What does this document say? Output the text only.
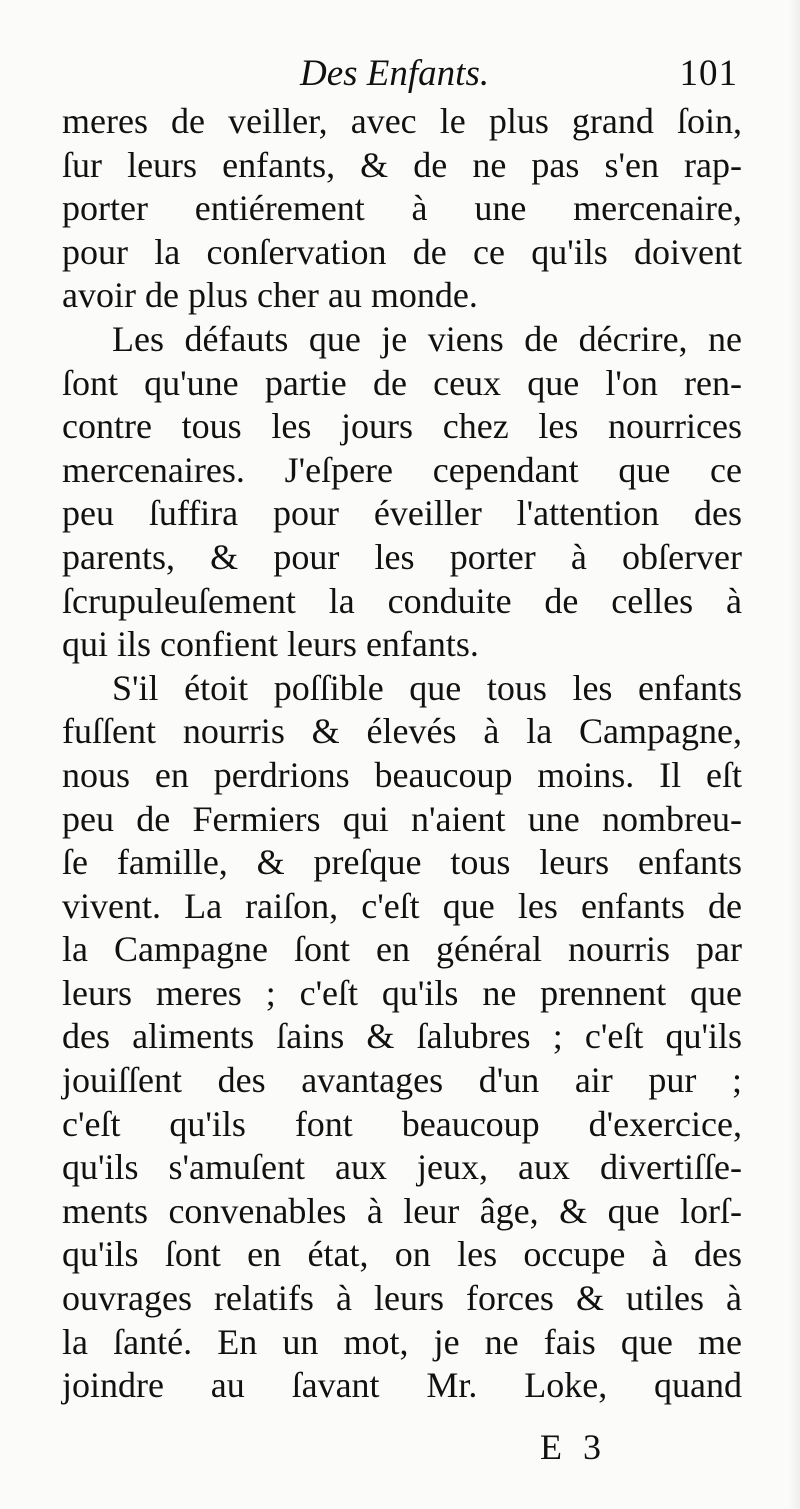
Des Enfants.	101
meres de veiller, avec le plus grand ſoin,
ſur leurs enfants, & de ne pas s'en rap-
porter entiérement à une mercenaire,
pour la conſervation de ce qu'ils doivent
avoir de plus cher au monde.
Les défauts que je viens de décrire, ne
ſont qu'une partie de ceux que l'on ren-
contre tous les jours chez les nourrices
mercenaires. J'eſpere cependant que ce
peu ſuffira pour éveiller l'attention des
parents, & pour les porter à obſerver
ſcrupuleuſement la conduite de celles à
qui ils confient leurs enfants.
S'il étoit poſſible que tous les enfants
fuſſent nourris & élevés à la Campagne,
nous en perdrions beaucoup moins. Il eſt
peu de Fermiers qui n'aient une nombreu-
ſe famille, & preſque tous leurs enfants
vivent. La raiſon, c'eſt que les enfants de
la Campagne ſont en général nourris par
leurs meres ; c'eſt qu'ils ne prennent que
des aliments ſains & ſalubres ; c'eſt qu'ils
jouiſſent des avantages d'un air pur ;
c'eſt qu'ils font beaucoup d'exercice,
qu'ils s'amuſent aux jeux, aux divertiſſe-
ments convenables à leur âge, & que lorſ-
qu'ils ſont en état, on les occupe à des
ouvrages relatifs à leurs forces & utiles à
la ſanté. En un mot, je ne fais que me
joindre au ſavant Mr. Loke, quand
E 3
